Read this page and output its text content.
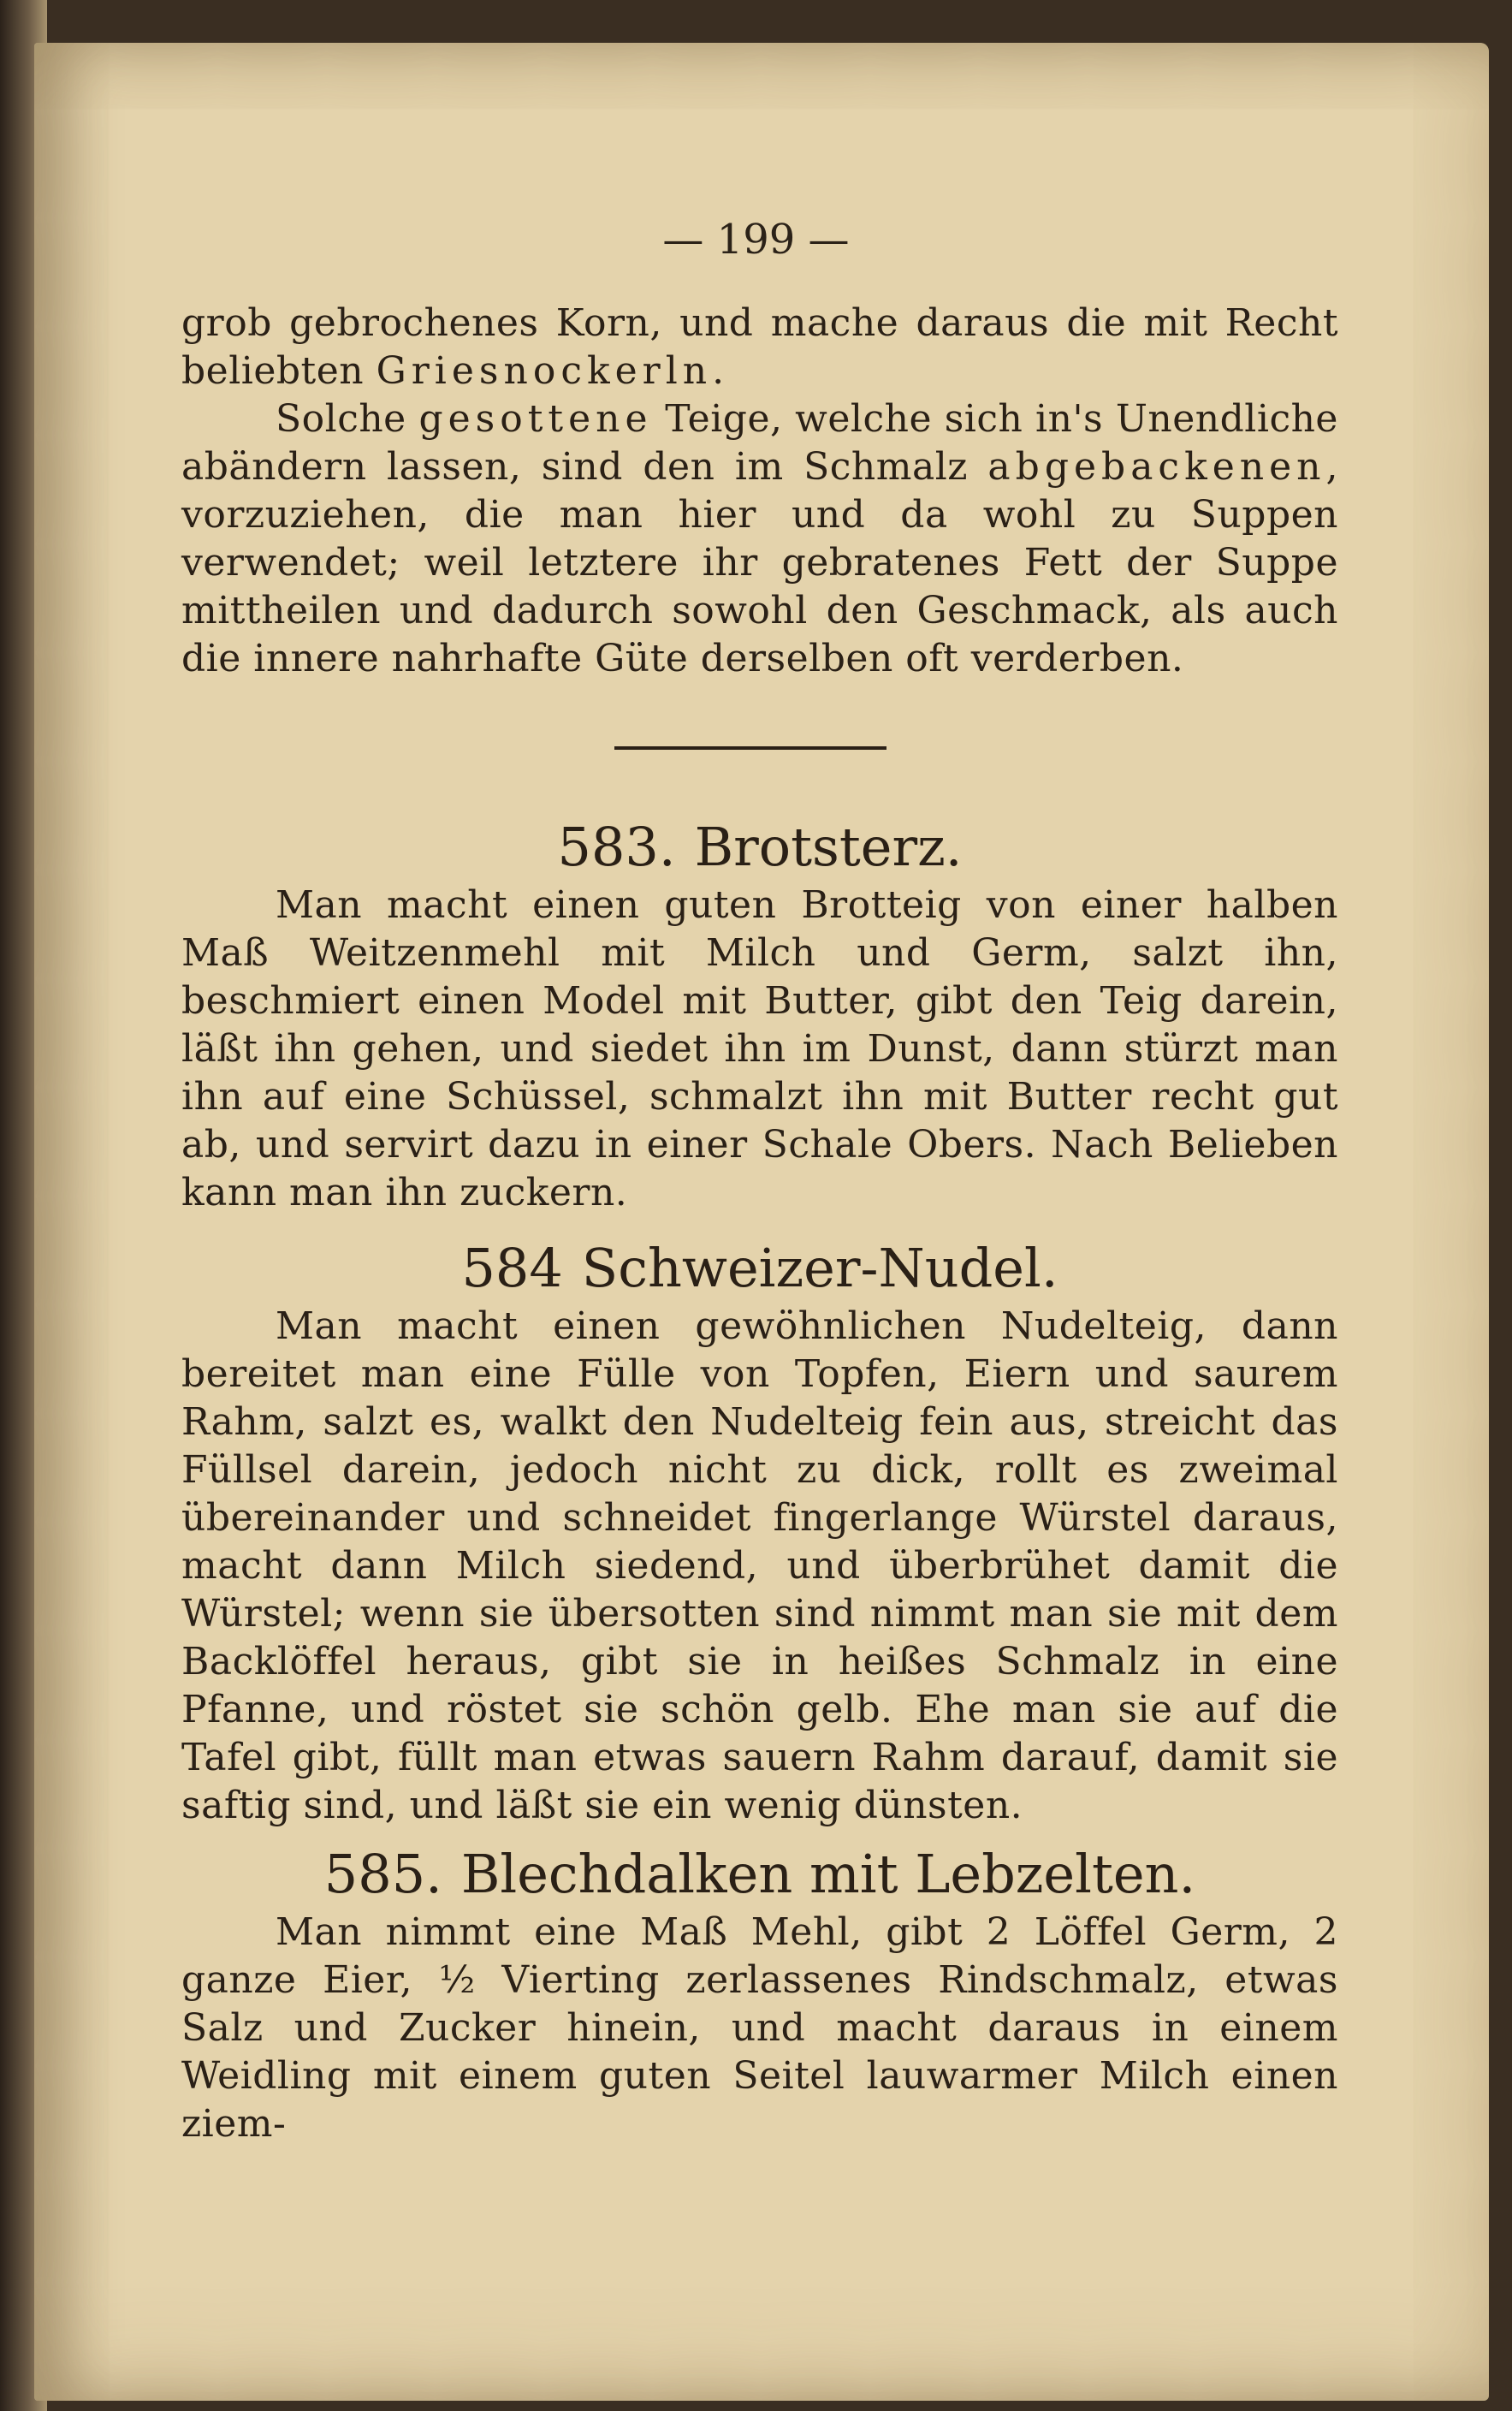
— 199 —

grob gebrochenes Korn, und mache daraus die mit Recht beliebten Griesnockerln.

Solche gesottene Teige, welche sich in's Unendliche abändern lassen, sind den im Schmalz abgebackenen, vorzuziehen, die man hier und da wohl zu Suppen verwendet; weil letztere ihr gebratenes Fett der Suppe mittheilen und dadurch sowohl den Geschmack, als auch die innere nahrhafte Güte derselben oft verderben.

583. Brotsterz.

Man macht einen guten Brotteig von einer halben Maß Weitzenmehl mit Milch und Germ, salzt ihn, beschmiert einen Model mit Butter, gibt den Teig darein, läßt ihn gehen, und siedet ihn im Dunst, dann stürzt man ihn auf eine Schüssel, schmalzt ihn mit Butter recht gut ab, und servirt dazu in einer Schale Obers. Nach Belieben kann man ihn zuckern.

584 Schweizer-Nudel.

Man macht einen gewöhnlichen Nudelteig, dann bereitet man eine Fülle von Topfen, Eiern und saurem Rahm, salzt es, walkt den Nudelteig fein aus, streicht das Füllsel darein, jedoch nicht zu dick, rollt es zweimal übereinander und schneidet fingerlange Würstel daraus, macht dann Milch siedend, und überbrühet damit die Würstel; wenn sie übersotten sind nimmt man sie mit dem Backlöffel heraus, gibt sie in heißes Schmalz in eine Pfanne, und röstet sie schön gelb. Ehe man sie auf die Tafel gibt, füllt man etwas sauern Rahm darauf, damit sie saftig sind, und läßt sie ein wenig dünsten.

585. Blechdalken mit Lebzelten.

Man nimmt eine Maß Mehl, gibt 2 Löffel Germ, 2 ganze Eier, ½ Vierting zerlassenes Rindschmalz, etwas Salz und Zucker hinein, und macht daraus in einem Weidling mit einem guten Seitel lauwarmer Milch einen ziem-
